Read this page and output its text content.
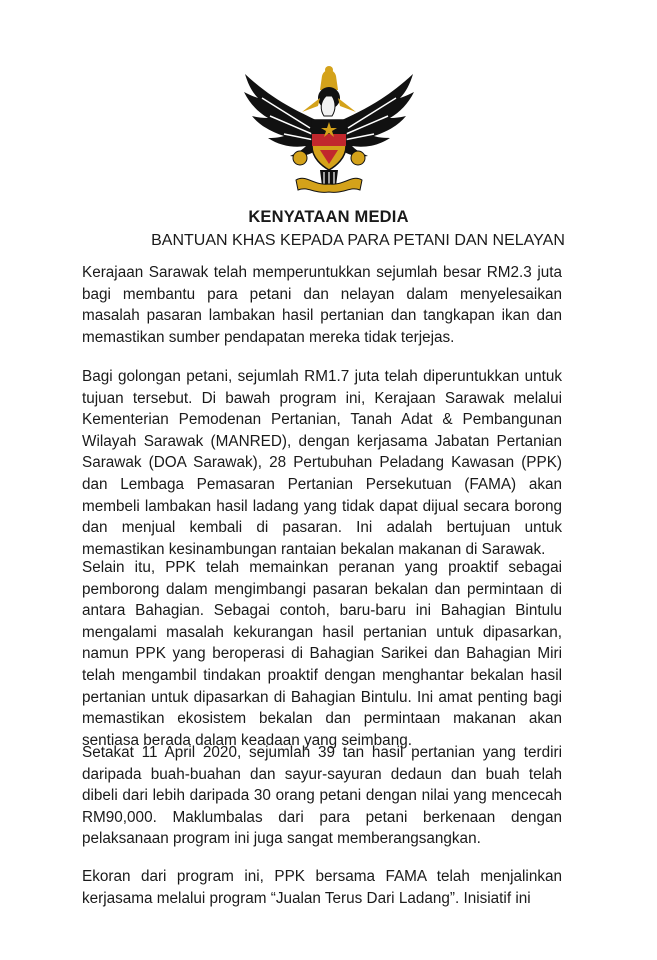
KENYATAAN MEDIA
BANTUAN KHAS KEPADA PARA PETANI DAN NELAYAN

Kerajaan Sarawak telah memperuntukkan sejumlah besar RM2.3 juta bagi membantu para petani dan nelayan dalam menyelesaikan masalah pasaran lambakan hasil pertanian dan tangkapan ikan dan memastikan sumber pendapatan mereka tidak terjejas.

Bagi golongan petani, sejumlah RM1.7 juta telah diperuntukkan untuk tujuan tersebut. Di bawah program ini, Kerajaan Sarawak melalui Kementerian Pemodenan Pertanian, Tanah Adat & Pembangunan Wilayah Sarawak (MANRED), dengan kerjasama Jabatan Pertanian Sarawak (DOA Sarawak), 28 Pertubuhan Peladang Kawasan (PPK) dan Lembaga Pemasaran Pertanian Persekutuan (FAMA) akan membeli lambakan hasil ladang yang tidak dapat dijual secara borong dan menjual kembali di pasaran. Ini adalah bertujuan untuk memastikan kesinambungan rantaian bekalan makanan di Sarawak.

Selain itu, PPK telah memainkan peranan yang proaktif sebagai pemborong dalam mengimbangi pasaran bekalan dan permintaan di antara Bahagian. Sebagai contoh, baru-baru ini Bahagian Bintulu mengalami masalah kekurangan hasil pertanian untuk dipasarkan, namun PPK yang beroperasi di Bahagian Sarikei dan Bahagian Miri telah mengambil tindakan proaktif dengan menghantar bekalan hasil pertanian untuk dipasarkan di Bahagian Bintulu. Ini amat penting bagi memastikan ekosistem bekalan dan permintaan makanan akan sentiasa berada dalam keadaan yang seimbang.

Setakat 11 April 2020, sejumlah 39 tan hasil pertanian yang terdiri daripada buah-buahan dan sayur-sayuran dedaun dan buah telah dibeli dari lebih daripada 30 orang petani dengan nilai yang mencecah RM90,000. Maklumbalas dari para petani berkenaan dengan pelaksanaan program ini juga sangat memberangsangkan.

Ekoran dari program ini, PPK bersama FAMA telah menjalinkan kerjasama melalui program “Jualan Terus Dari Ladang”. Inisiatif ini
